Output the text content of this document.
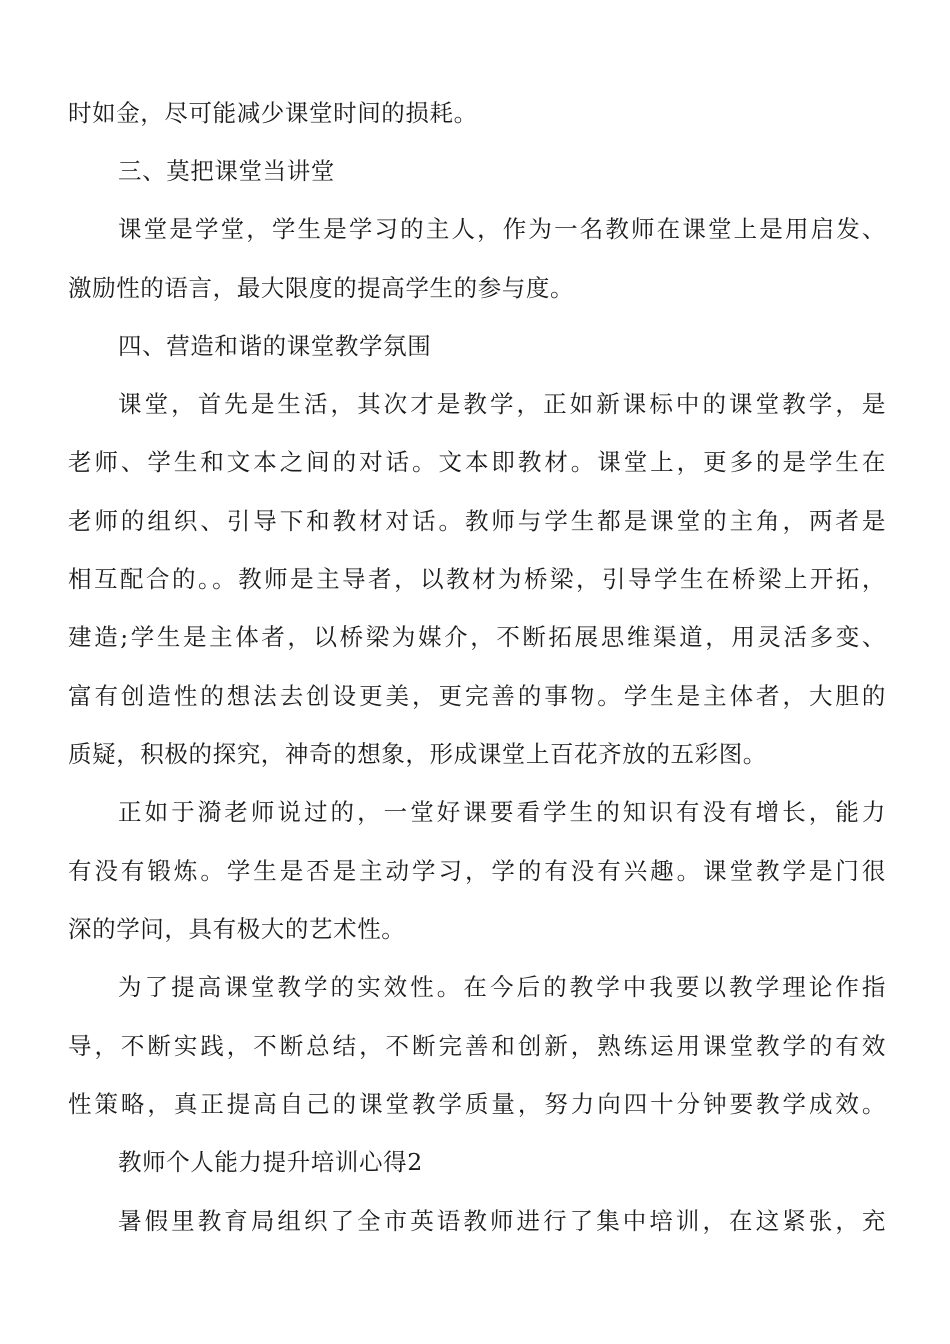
时如金，尽可能减少课堂时间的损耗。
三、莫把课堂当讲堂
课堂是学堂，学生是学习的主人，作为一名教师在课堂上是用启发、
激励性的语言，最大限度的提高学生的参与度。
四、营造和谐的课堂教学氛围
课堂，首先是生活，其次才是教学，正如新课标中的课堂教学，是
老师、学生和文本之间的对话。文本即教材。课堂上，更多的是学生在
老师的组织、引导下和教材对话。教师与学生都是课堂的主角，两者是
相互配合的。。教师是主导者，以教材为桥梁，引导学生在桥梁上开拓，
建造;学生是主体者，以桥梁为媒介，不断拓展思维渠道，用灵活多变、
富有创造性的想法去创设更美，更完善的事物。学生是主体者，大胆的
质疑，积极的探究，神奇的想象，形成课堂上百花齐放的五彩图。
正如于漪老师说过的，一堂好课要看学生的知识有没有增长，能力
有没有锻炼。学生是否是主动学习，学的有没有兴趣。课堂教学是门很
深的学问，具有极大的艺术性。
为了提高课堂教学的实效性。在今后的教学中我要以教学理论作指
导，不断实践，不断总结，不断完善和创新，熟练运用课堂教学的有效
性策略，真正提高自己的课堂教学质量，努力向四十分钟要教学成效。
教师个人能力提升培训心得2
暑假里教育局组织了全市英语教师进行了集中培训，在这紧张，充
